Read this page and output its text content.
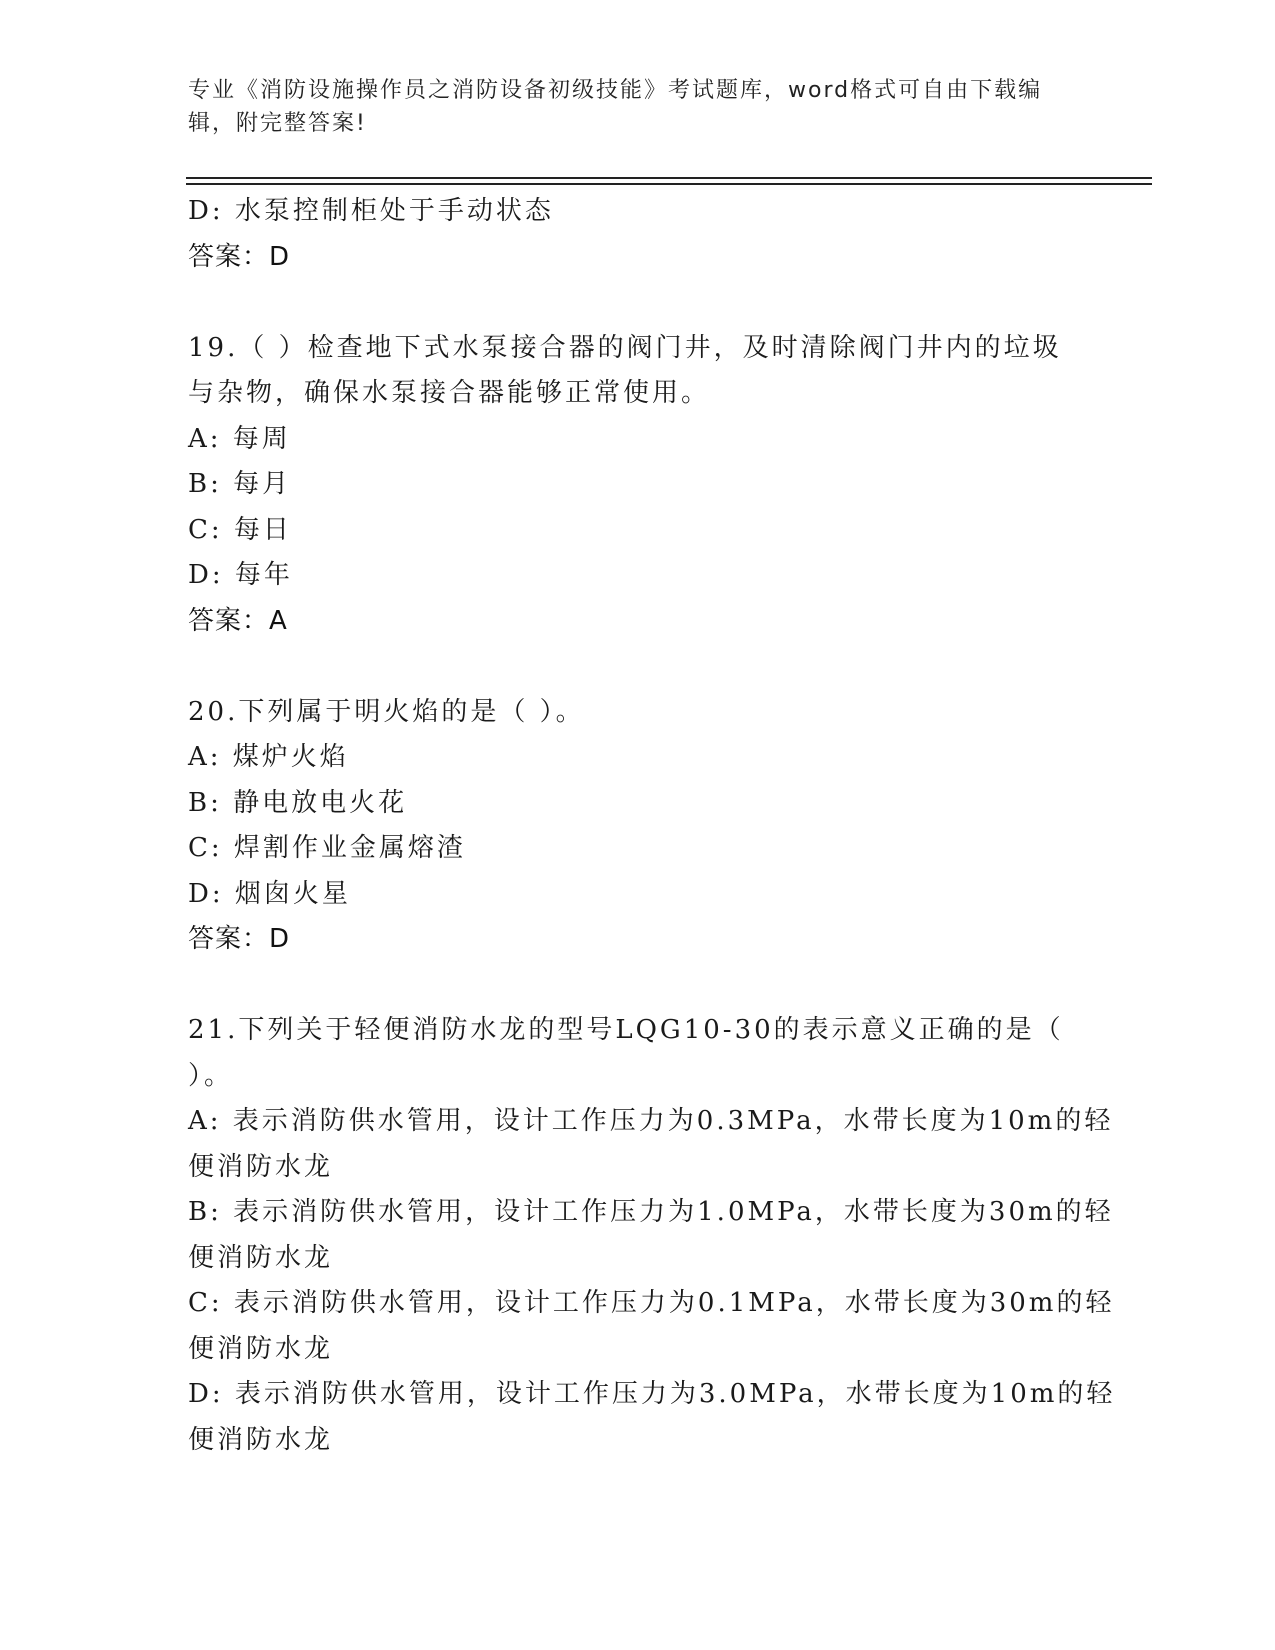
专业《消防设施操作员之消防设备初级技能》考试题库，word格式可自由下载编
辑，附完整答案!
D: 水泵控制柜处于手动状态
答案：D
19.（ ）检查地下式水泵接合器的阀门井，及时清除阀门井内的垃圾
与杂物，确保水泵接合器能够正常使用。
A: 每周
B: 每月
C: 每日
D: 每年
答案：A
20.下列属于明火焰的是（ ）。
A: 煤炉火焰
B: 静电放电火花
C: 焊割作业金属熔渣
D: 烟囱火星
答案：D
21.下列关于轻便消防水龙的型号LQG10-30的表示意义正确的是（
）。
A: 表示消防供水管用，设计工作压力为0.3MPa，水带长度为10m的轻
便消防水龙
B: 表示消防供水管用，设计工作压力为1.0MPa，水带长度为30m的轻
便消防水龙
C: 表示消防供水管用，设计工作压力为0.1MPa，水带长度为30m的轻
便消防水龙
D: 表示消防供水管用，设计工作压力为3.0MPa，水带长度为10m的轻
便消防水龙
